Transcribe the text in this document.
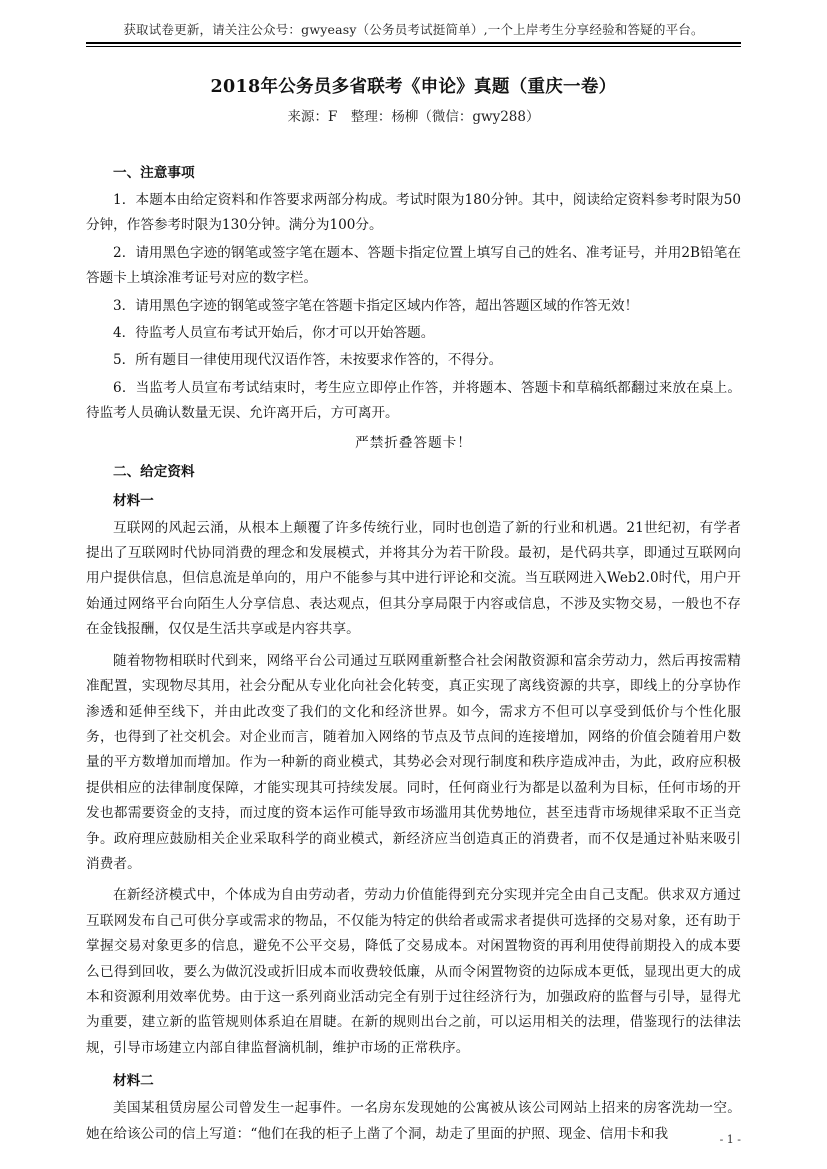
获取试卷更新，请关注公众号：gwyeasy（公务员考试挺简单）,一个上岸考生分享经验和答疑的平台。
2018年公务员多省联考《申论》真题（重庆一卷）
来源：F　整理：杨柳（微信：gwy288）
一、注意事项

1．本题本由给定资料和作答要求两部分构成。考试时限为180分钟。其中，阅读给定资料参考时限为50分钟，作答参考时限为130分钟。满分为100分。

2．请用黑色字迹的钢笔或签字笔在题本、答题卡指定位置上填写自己的姓名、准考证号，并用2B铅笔在答题卡上填涂准考证号对应的数字栏。

3．请用黑色字迹的钢笔或签字笔在答题卡指定区域内作答，超出答题区域的作答无效！

4．待监考人员宣布考试开始后，你才可以开始答题。

5．所有题目一律使用现代汉语作答，未按要求作答的，不得分。

6．当监考人员宣布考试结束时，考生应立即停止作答，并将题本、答题卡和草稿纸都翻过来放在桌上。待监考人员确认数量无误、允许离开后，方可离开。

严禁折叠答题卡！

二、给定资料
材料一

互联网的风起云涌，从根本上颠覆了许多传统行业，同时也创造了新的行业和机遇。21世纪初，有学者提出了互联网时代协同消费的理念和发展模式，并将其分为若干阶段。最初，是代码共享，即通过互联网向用户提供信息，但信息流是单向的，用户不能参与其中进行评论和交流。当互联网进入Web2.0时代，用户开始通过网络平台向陌生人分享信息、表达观点，但其分享局限于内容或信息，不涉及实物交易，一般也不存在金钱报酬，仅仅是生活共享或是内容共享。

随着物物相联时代到来，网络平台公司通过互联网重新整合社会闲散资源和富余劳动力，然后再按需精准配置，实现物尽其用，社会分配从专业化向社会化转变，真正实现了离线资源的共享，即线上的分享协作渗透和延伸至线下，并由此改变了我们的文化和经济世界。如今，需求方不但可以享受到低价与个性化服务，也得到了社交机会。对企业而言，随着加入网络的节点及节点间的连接增加，网络的价值会随着用户数量的平方数增加而增加。作为一种新的商业模式，其势必会对现行制度和秩序造成冲击，为此，政府应积极提供相应的法律制度保障，才能实现其可持续发展。同时，任何商业行为都是以盈利为目标，任何市场的开发也都需要资金的支持，而过度的资本运作可能导致市场滥用其优势地位，甚至违背市场规律采取不正当竞争。政府理应鼓励相关企业采取科学的商业模式，新经济应当创造真正的消费者，而不仅是通过补贴来吸引消费者。

在新经济模式中，个体成为自由劳动者，劳动力价值能得到充分实现并完全由自己支配。供求双方通过互联网发布自己可供分享或需求的物品，不仅能为特定的供给者或需求者提供可选择的交易对象，还有助于掌握交易对象更多的信息，避免不公平交易，降低了交易成本。对闲置物资的再利用使得前期投入的成本要么已得到回收，要么为做沉没或折旧成本而收费较低廉，从而令闲置物资的边际成本更低，显现出更大的成本和资源利用效率优势。由于这一系列商业活动完全有别于过往经济行为，加强政府的监督与引导，显得尤为重要，建立新的监管规则体系迫在眉睫。在新的规则出台之前，可以运用相关的法理，借鉴现行的法律法规，引导市场建立内部自律监督滴机制，维护市场的正常秩序。

材料二

美国某租赁房屋公司曾发生一起事件。一名房东发现她的公寓被从该公司网站上招来的房客洗劫一空。她在给该公司的信上写道：“他们在我的柜子上凿了个洞，劫走了里面的护照、现金、信用卡和我	- 1 -
